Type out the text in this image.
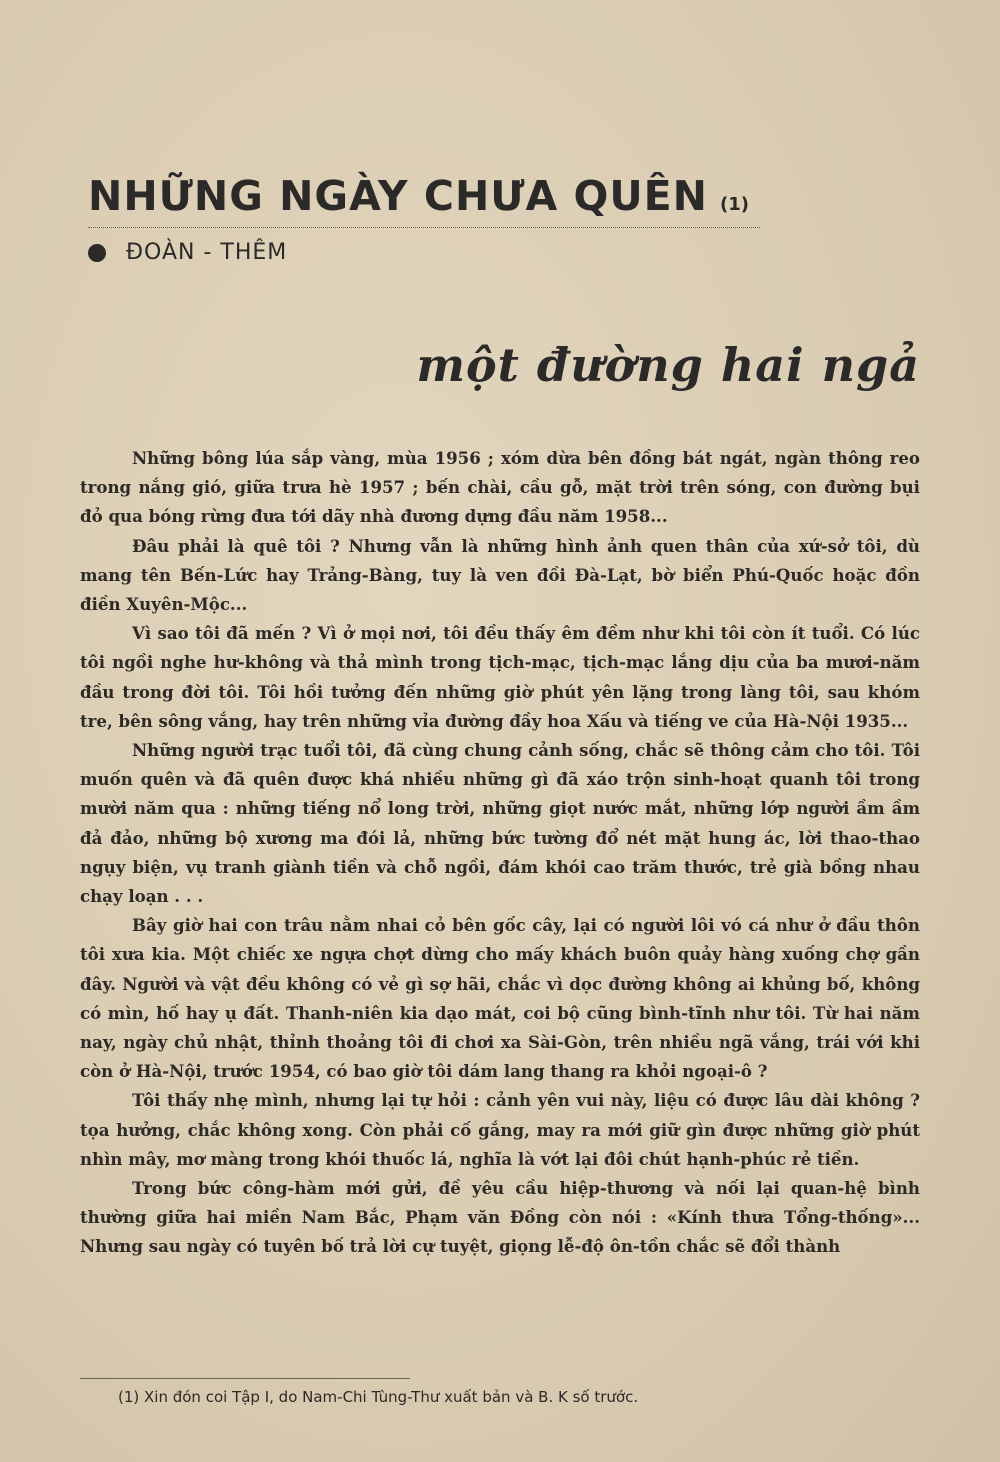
NHỮNG NGÀY CHƯA QUÊN (1)
ĐOÀN - THÊM
một đường hai ngả

Những bông lúa sắp vàng, mùa 1956 ; xóm dừa bên đồng bát ngát, ngàn thông reo trong nắng gió, giữa trưa hè 1957 ; bến chài, cầu gỗ, mặt trời trên sóng, con đường bụi đỏ qua bóng rừng đưa tới dãy nhà đương dựng đầu năm 1958...

Đâu phải là quê tôi ? Nhưng vẫn là những hình ảnh quen thân của xứ-sở tôi, dù mang tên Bến-Lức hay Trảng-Bàng, tuy là ven đồi Đà-Lạt, bờ biển Phú-Quốc hoặc đồn điền Xuyên-Mộc...

Vì sao tôi đã mến ? Vì ở mọi nơi, tôi đều thấy êm đềm như khi tôi còn ít tuổi. Có lúc tôi ngồi nghe hư-không và thả mình trong tịch-mạc, tịch-mạc lắng dịu của ba mươi-năm đầu trong đời tôi. Tôi hồi tưởng đến những giờ phút yên lặng trong làng tôi, sau khóm tre, bên sông vắng, hay trên những vỉa đường đầy hoa Xấu và tiếng ve của Hà-Nội 1935...

Những người trạc tuổi tôi, đã cùng chung cảnh sống, chắc sẽ thông cảm cho tôi. Tôi muốn quên và đã quên được khá nhiều những gì đã xáo trộn sinh-hoạt quanh tôi trong mười năm qua : những tiếng nổ long trời, những giọt nước mắt, những lớp người ầm ầm đả đảo, những bộ xương ma đói lả, những bức tường đổ nét mặt hung ác, lời thao-thao ngụy biện, vụ tranh giành tiền và chỗ ngồi, đám khói cao trăm thước, trẻ già bồng nhau chạy loạn . . .

Bây giờ hai con trâu nằm nhai cỏ bên gốc cây, lại có người lôi vó cá như ở đầu thôn tôi xưa kia. Một chiếc xe ngựa chợt dừng cho mấy khách buôn quảy hàng xuống chợ gần đây. Người và vật đều không có vẻ gì sợ hãi, chắc vì dọc đường không ai khủng bố, không có mìn, hố hay ụ đất. Thanh-niên kia dạo mát, coi bộ cũng bình-tĩnh như tôi. Từ hai năm nay, ngày chủ nhật, thỉnh thoảng tôi đi chơi xa Sài-Gòn, trên nhiều ngã vắng, trái với khi còn ở Hà-Nội, trước 1954, có bao giờ tôi dám lang thang ra khỏi ngoại-ô ?

Tôi thấy nhẹ mình, nhưng lại tự hỏi : cảnh yên vui này, liệu có được lâu dài không ? tọa hưởng, chắc không xong. Còn phải cố gắng, may ra mới giữ gìn được những giờ phút nhìn mây, mơ màng trong khói thuốc lá, nghĩa là vớt lại đôi chút hạnh-phúc rẻ tiền.

Trong bức công-hàm mới gửi, đề yêu cầu hiệp-thương và nối lại quan-hệ bình thường giữa hai miền Nam Bắc, Phạm văn Đồng còn nói : «Kính thưa Tổng-thống»... Nhưng sau ngày có tuyên bố trả lời cự tuyệt, giọng lễ-độ ôn-tồn chắc sẽ đổi thành

(1) Xin đón coi Tập I, do Nam-Chi Tùng-Thư xuất bản và B. K số trước.
